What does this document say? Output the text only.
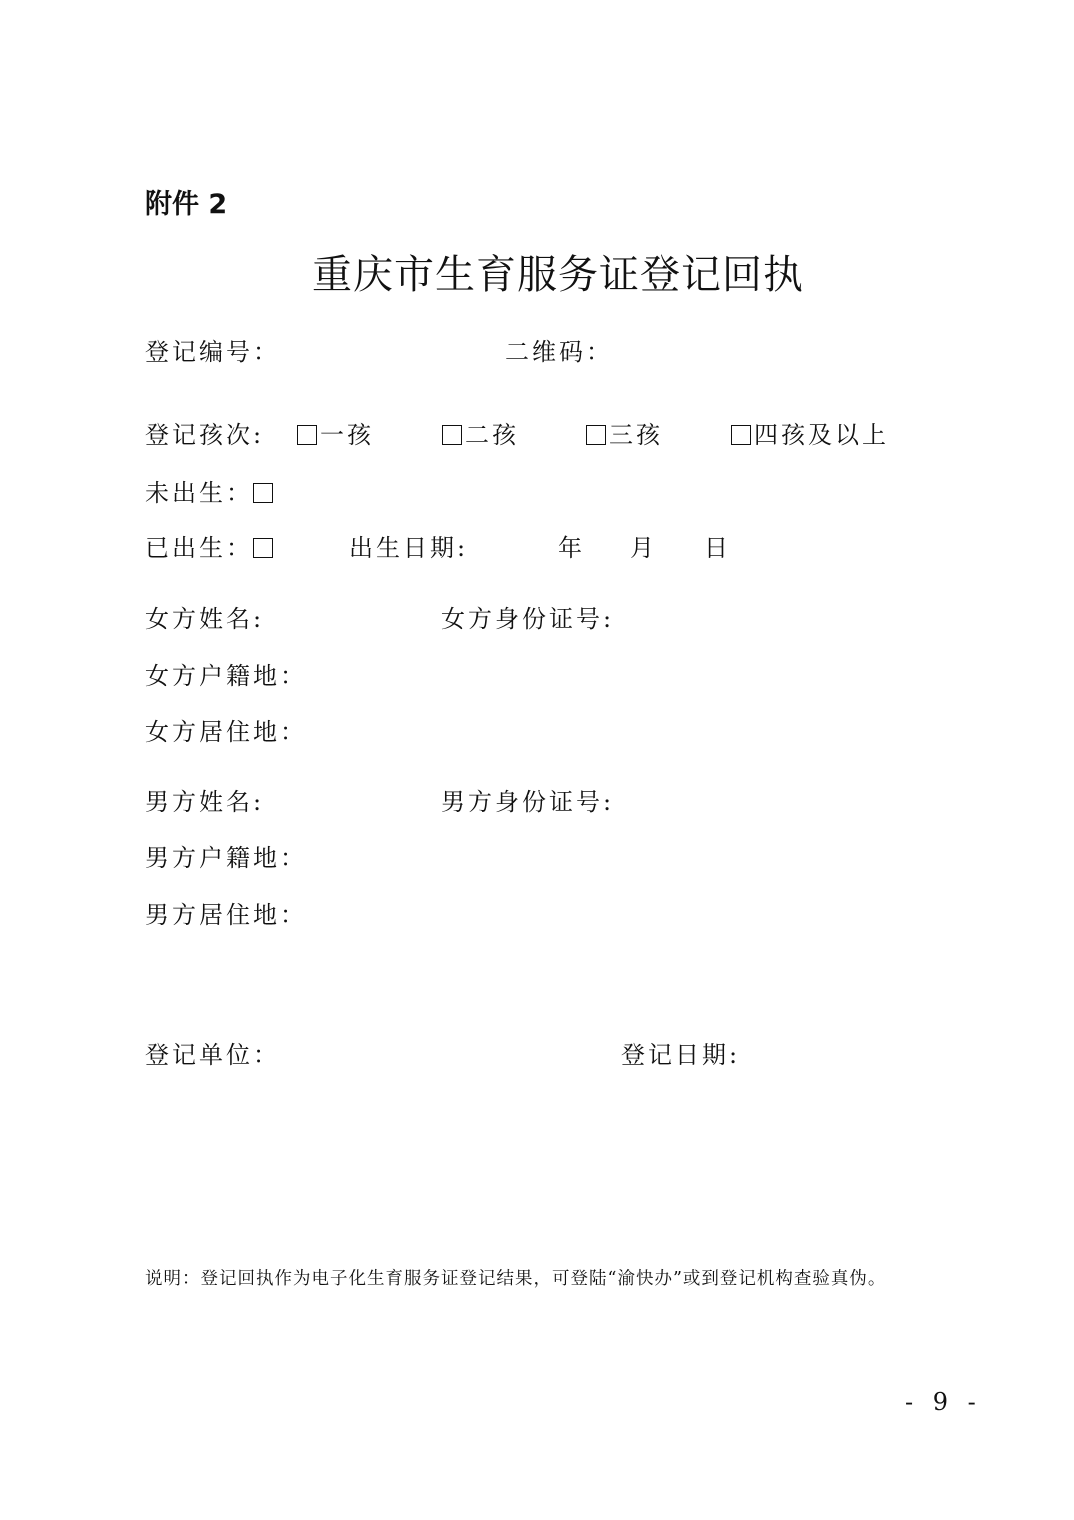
附件 2
重庆市生育服务证登记回执
登记编号：	二维码：
登记孩次:	一孩	二孩	三孩	四孩及以上
未出生：
已出生：	出生日期:	年 月 日
女方姓名:	女方身份证号:
女方户籍地：
女方居住地：
男方姓名:	男方身份证号:
男方户籍地：
男方居住地：
登记单位：	登记日期:
说明：登记回执作为电子化生育服务证登记结果，可登陆“渝快办”或到登记机构查验真伪。
- 9 -
